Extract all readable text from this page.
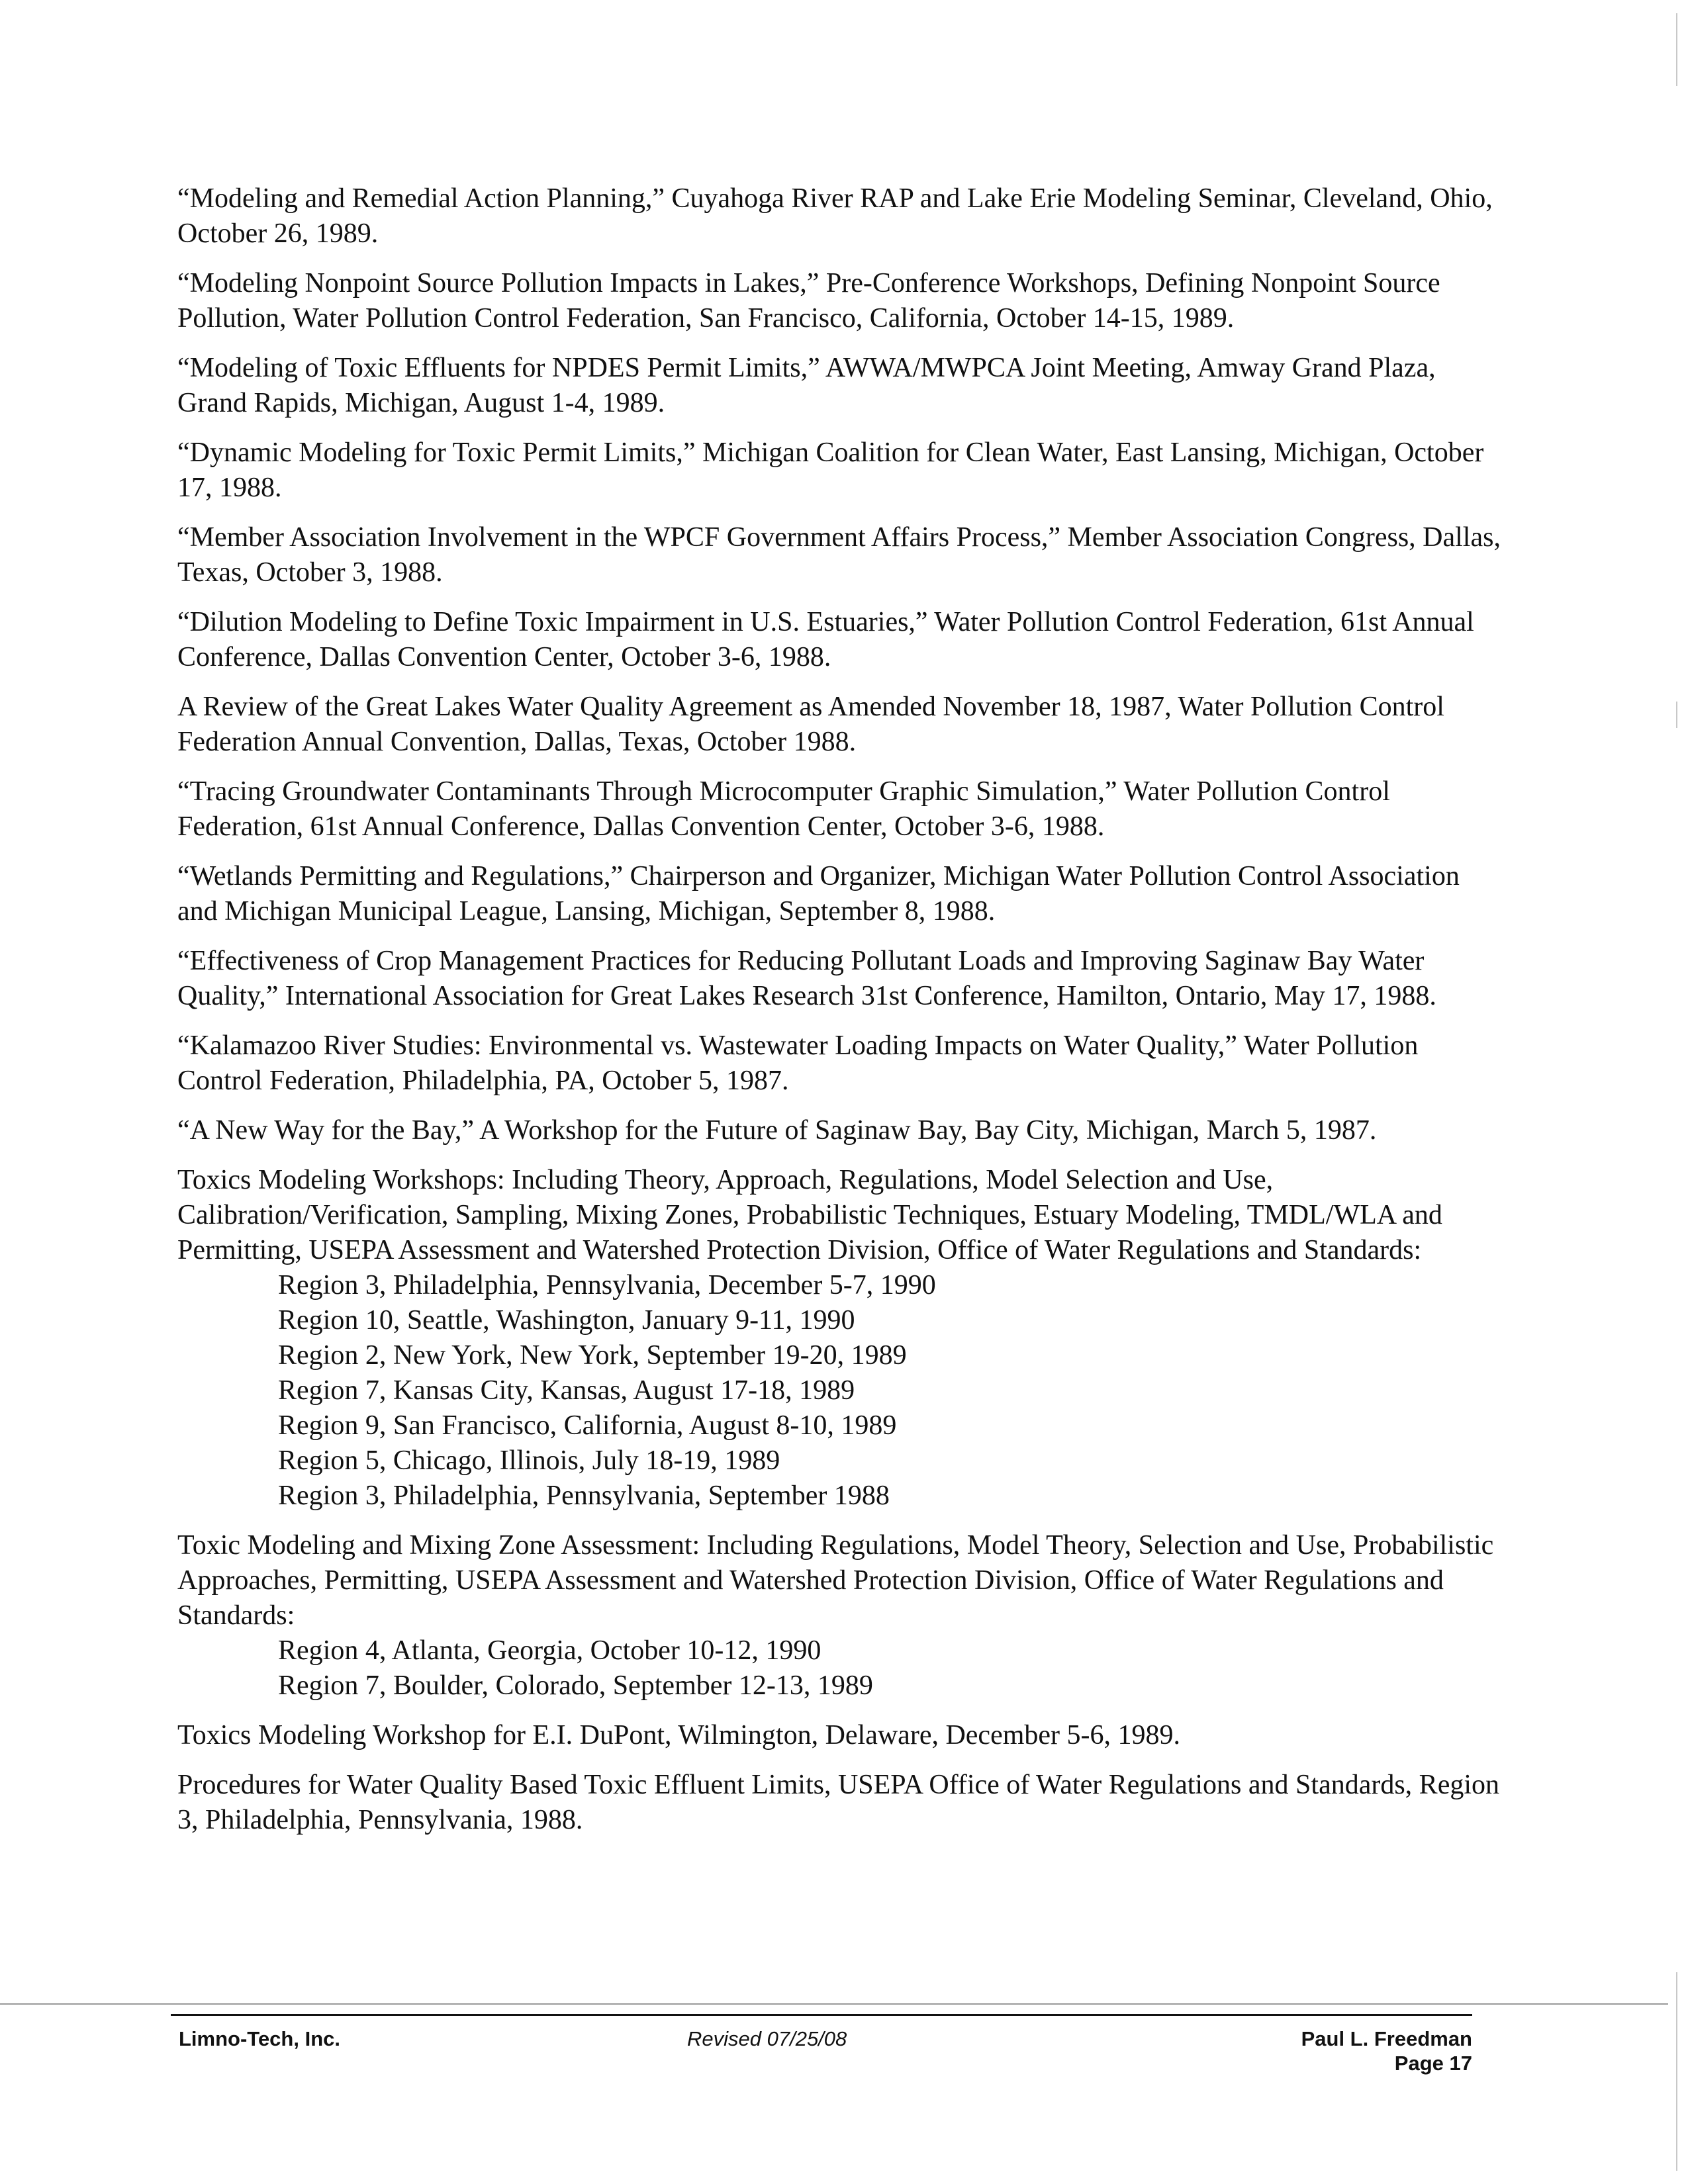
“Modeling and Remedial Action Planning,” Cuyahoga River RAP and Lake Erie Modeling Seminar, Cleveland, Ohio, October 26, 1989.

“Modeling Nonpoint Source Pollution Impacts in Lakes,” Pre-Conference Workshops, Defining Nonpoint Source Pollution, Water Pollution Control Federation, San Francisco, California, October 14-15, 1989.

“Modeling of Toxic Effluents for NPDES Permit Limits,” AWWA/MWPCA Joint Meeting, Amway Grand Plaza, Grand Rapids, Michigan, August 1-4, 1989.

“Dynamic Modeling for Toxic Permit Limits,” Michigan Coalition for Clean Water, East Lansing, Michigan, October 17, 1988.

“Member Association Involvement in the WPCF Government Affairs Process,” Member Association Congress, Dallas, Texas, October 3, 1988.

“Dilution Modeling to Define Toxic Impairment in U.S. Estuaries,” Water Pollution Control Federation, 61st Annual Conference, Dallas Convention Center, October 3-6, 1988.

A Review of the Great Lakes Water Quality Agreement as Amended November 18, 1987, Water Pollution Control Federation Annual Convention, Dallas, Texas, October 1988.

“Tracing Groundwater Contaminants Through Microcomputer Graphic Simulation,” Water Pollution Control Federation, 61st Annual Conference, Dallas Convention Center, October 3-6, 1988.

“Wetlands Permitting and Regulations,” Chairperson and Organizer, Michigan Water Pollution Control Association and Michigan Municipal League, Lansing, Michigan, September 8, 1988.

“Effectiveness of Crop Management Practices for Reducing Pollutant Loads and Improving Saginaw Bay Water Quality,” International Association for Great Lakes Research 31st Conference, Hamilton, Ontario, May 17, 1988.

“Kalamazoo River Studies: Environmental vs. Wastewater Loading Impacts on Water Quality,” Water Pollution Control Federation, Philadelphia, PA, October 5, 1987.

“A New Way for the Bay,” A Workshop for the Future of Saginaw Bay, Bay City, Michigan, March 5, 1987.

Toxics Modeling Workshops: Including Theory, Approach, Regulations, Model Selection and Use, Calibration/Verification, Sampling, Mixing Zones, Probabilistic Techniques, Estuary Modeling, TMDL/WLA and Permitting, USEPA Assessment and Watershed Protection Division, Office of Water Regulations and Standards:
Region 3, Philadelphia, Pennsylvania, December 5-7, 1990
Region 10, Seattle, Washington, January 9-11, 1990
Region 2, New York, New York, September 19-20, 1989
Region 7, Kansas City, Kansas, August 17-18, 1989
Region 9, San Francisco, California, August 8-10, 1989
Region 5, Chicago, Illinois, July 18-19, 1989
Region 3, Philadelphia, Pennsylvania, September 1988
Toxic Modeling and Mixing Zone Assessment: Including Regulations, Model Theory, Selection and Use, Probabilistic Approaches, Permitting, USEPA Assessment and Watershed Protection Division, Office of Water Regulations and Standards:
Region 4, Atlanta, Georgia, October 10-12, 1990
Region 7, Boulder, Colorado, September 12-13, 1989

Toxics Modeling Workshop for E.I. DuPont, Wilmington, Delaware, December 5-6, 1989.

Procedures for Water Quality Based Toxic Effluent Limits, USEPA Office of Water Regulations and Standards, Region 3, Philadelphia, Pennsylvania, 1988.

Limno-Tech, Inc.	Revised 07/25/08	Paul L. Freedman
Page 17
